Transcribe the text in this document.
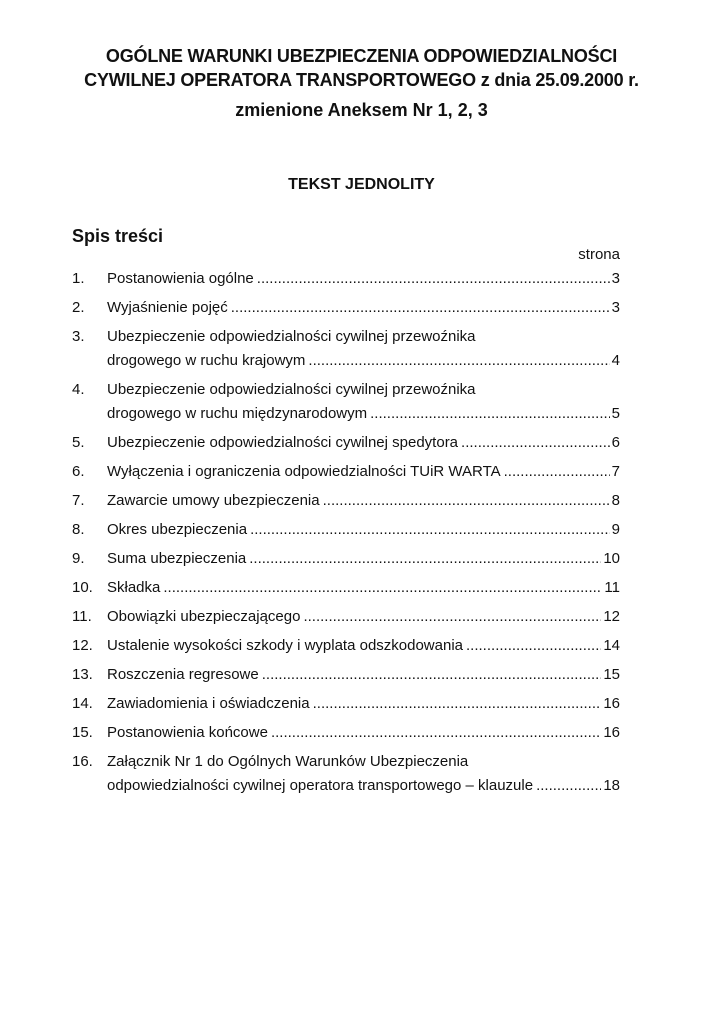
OGÓLNE WARUNKI UBEZPIECZENIA ODPOWIEDZIALNOŚCI
CYWILNEJ OPERATORA TRANSPORTOWEGO z dnia 25.09.2000 r.
zmienione Aneksem Nr 1, 2, 3
TEKST JEDNOLITY
Spis treści
strona
1. Postanowienia ogólne .....	3
2. Wyjaśnienie pojęć .....	3
3. Ubezpieczenie odpowiedzialności cywilnej przewoźnika
drogowego w ruchu krajowym .....	4
4. Ubezpieczenie odpowiedzialności cywilnej przewoźnika
drogowego w ruchu międzynarodowym .....	5
5. Ubezpieczenie odpowiedzialności cywilnej spedytora .....	6
6. Wyłączenia i ograniczenia odpowiedzialności TUiR WARTA .....	7
7. Zawarcie umowy ubezpieczenia .....	8
8. Okres ubezpieczenia .....	9
9. Suma ubezpieczenia .....	10
10. Składka .....	11
11. Obowiązki ubezpieczającego .....	12
12. Ustalenie wysokości szkody i wyplata odszkodowania .....	14
13. Roszczenia regresowe .....	15
14. Zawiadomienia i oświadczenia .....	16
15. Postanowienia końcowe .....	16
16. Załącznik Nr 1 do Ogólnych Warunków Ubezpieczenia
odpowiedzialności cywilnej operatora transportowego – klauzule .....	18
